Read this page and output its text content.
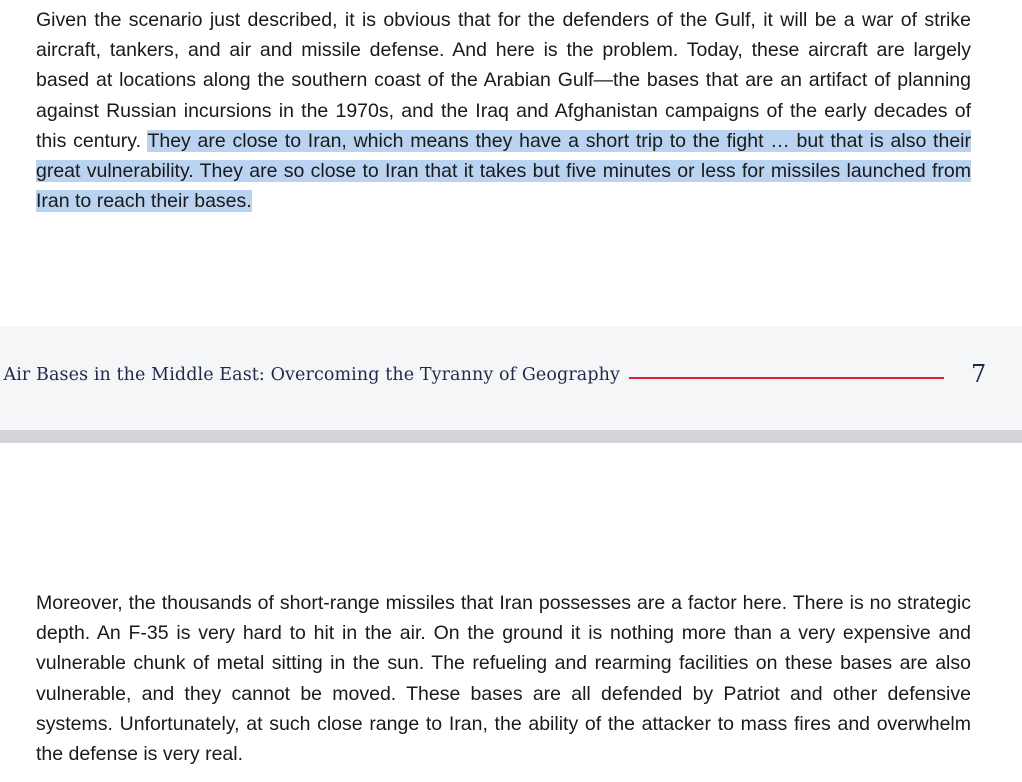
Given the scenario just described, it is obvious that for the defenders of the Gulf, it will be a war of strike aircraft, tankers, and air and missile defense. And here is the problem. Today, these aircraft are largely based at locations along the southern coast of the Arabian Gulf—the bases that are an artifact of planning against Russian incursions in the 1970s, and the Iraq and Afghanistan campaigns of the early decades of this century. They are close to Iran, which means they have a short trip to the fight … but that is also their great vulnerability. They are so close to Iran that it takes but five minutes or less for missiles launched from Iran to reach their bases.

Air Bases in the Middle East: Overcoming the Tyranny of Geography	7

Moreover, the thousands of short-range missiles that Iran possesses are a factor here. There is no strategic depth. An F-35 is very hard to hit in the air. On the ground it is nothing more than a very expensive and vulnerable chunk of metal sitting in the sun. The refueling and rearming facilities on these bases are also vulnerable, and they cannot be moved. These bases are all defended by Patriot and other defensive systems. Unfortunately, at such close range to Iran, the ability of the attacker to mass fires and overwhelm the defense is very real.
